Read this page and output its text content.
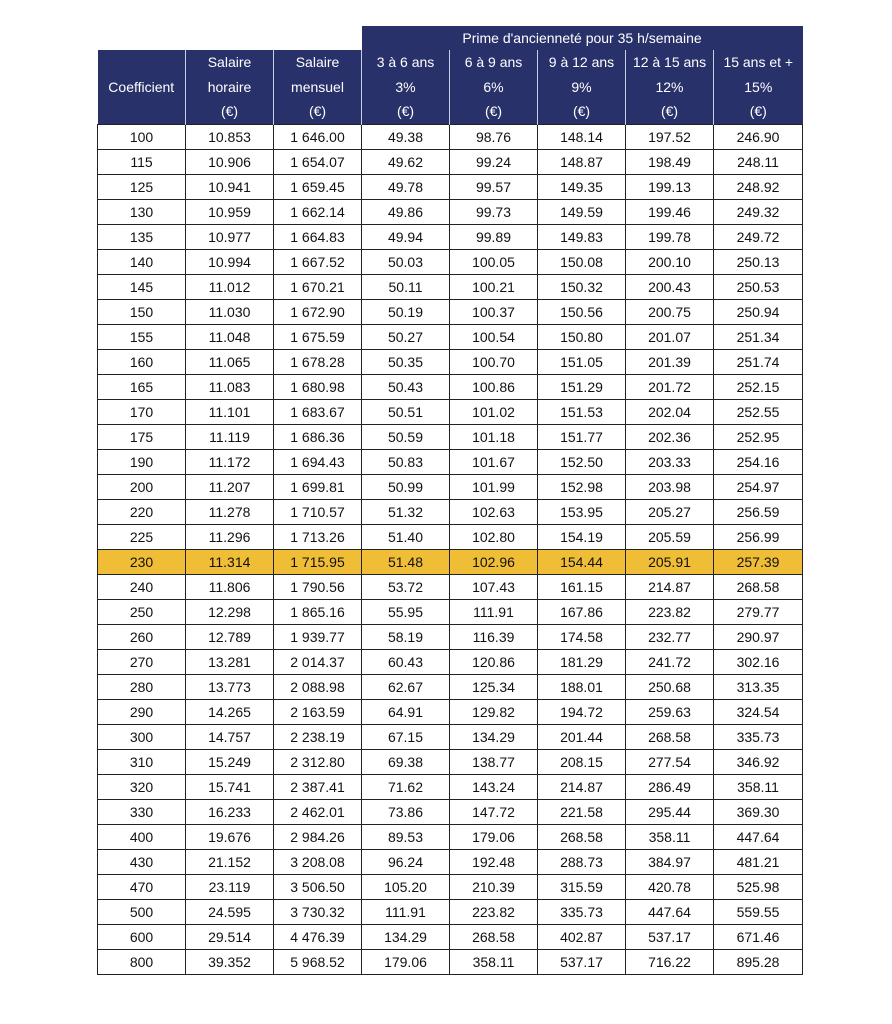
			Prime d'ancienneté pour 35 h/semaine				

Coefficient	Salaire
horaire
(€)	Salaire
mensuel
(€)	3 à 6 ans
3%
(€)	6 à 9 ans
6%
(€)	9 à 12 ans
9%
(€)	12 à 15 ans
12%
(€)	15 ans et +
15%
(€)

100	10.853	1 646.00	49.38	98.76	148.14	197.52	246.90
115	10.906	1 654.07	49.62	99.24	148.87	198.49	248.11
125	10.941	1 659.45	49.78	99.57	149.35	199.13	248.92
130	10.959	1 662.14	49.86	99.73	149.59	199.46	249.32
135	10.977	1 664.83	49.94	99.89	149.83	199.78	249.72
140	10.994	1 667.52	50.03	100.05	150.08	200.10	250.13
145	11.012	1 670.21	50.11	100.21	150.32	200.43	250.53
150	11.030	1 672.90	50.19	100.37	150.56	200.75	250.94
155	11.048	1 675.59	50.27	100.54	150.80	201.07	251.34
160	11.065	1 678.28	50.35	100.70	151.05	201.39	251.74
165	11.083	1 680.98	50.43	100.86	151.29	201.72	252.15
170	11.101	1 683.67	50.51	101.02	151.53	202.04	252.55
175	11.119	1 686.36	50.59	101.18	151.77	202.36	252.95
190	11.172	1 694.43	50.83	101.67	152.50	203.33	254.16
200	11.207	1 699.81	50.99	101.99	152.98	203.98	254.97
220	11.278	1 710.57	51.32	102.63	153.95	205.27	256.59
225	11.296	1 713.26	51.40	102.80	154.19	205.59	256.99
230	11.314	1 715.95	51.48	102.96	154.44	205.91	257.39
240	11.806	1 790.56	53.72	107.43	161.15	214.87	268.58
250	12.298	1 865.16	55.95	111.91	167.86	223.82	279.77
260	12.789	1 939.77	58.19	116.39	174.58	232.77	290.97
270	13.281	2 014.37	60.43	120.86	181.29	241.72	302.16
280	13.773	2 088.98	62.67	125.34	188.01	250.68	313.35
290	14.265	2 163.59	64.91	129.82	194.72	259.63	324.54
300	14.757	2 238.19	67.15	134.29	201.44	268.58	335.73
310	15.249	2 312.80	69.38	138.77	208.15	277.54	346.92
320	15.741	2 387.41	71.62	143.24	214.87	286.49	358.11
330	16.233	2 462.01	73.86	147.72	221.58	295.44	369.30
400	19.676	2 984.26	89.53	179.06	268.58	358.11	447.64
430	21.152	3 208.08	96.24	192.48	288.73	384.97	481.21
470	23.119	3 506.50	105.20	210.39	315.59	420.78	525.98
500	24.595	3 730.32	111.91	223.82	335.73	447.64	559.55
600	29.514	4 476.39	134.29	268.58	402.87	537.17	671.46
800	39.352	5 968.52	179.06	358.11	537.17	716.22	895.28
